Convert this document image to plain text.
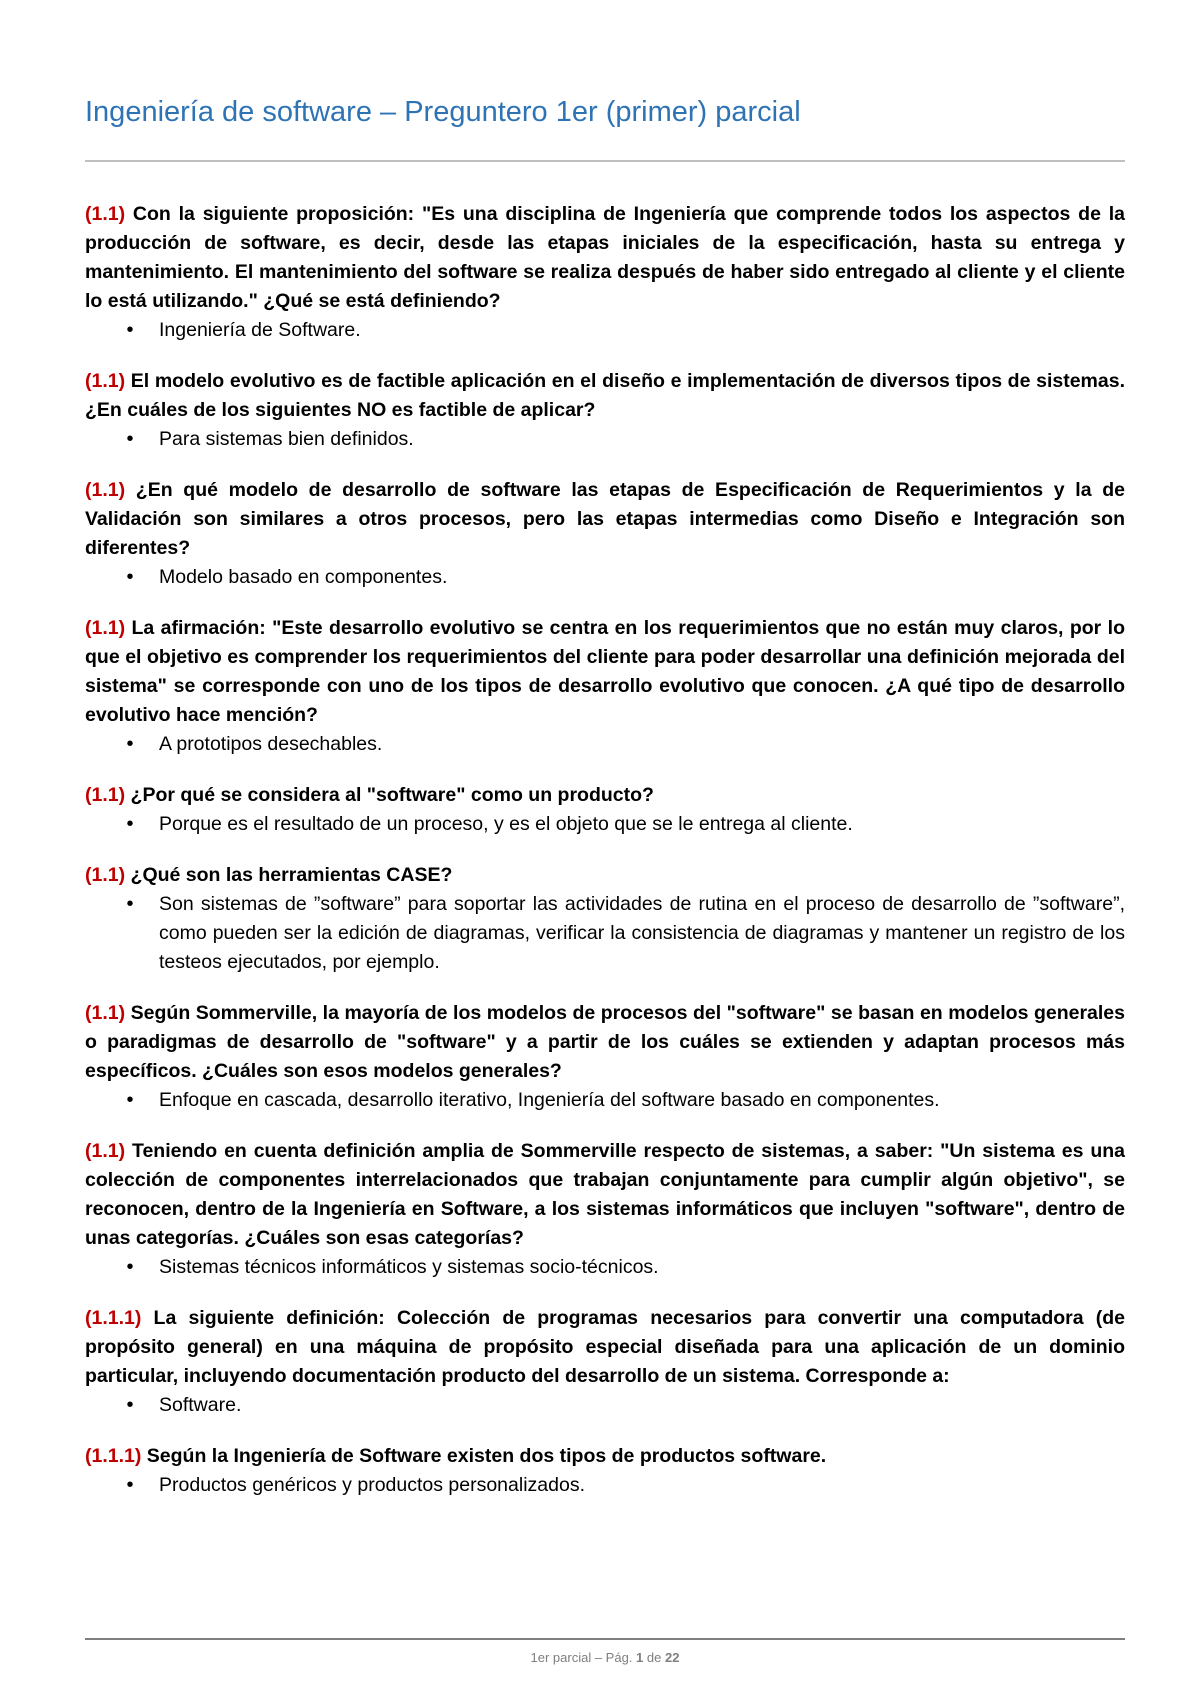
Ingeniería de software – Preguntero 1er (primer) parcial

(1.1) Con la siguiente proposición: "Es una disciplina de Ingeniería que comprende todos los aspectos de la producción de software, es decir, desde las etapas iniciales de la especificación, hasta su entrega y mantenimiento. El mantenimiento del software se realiza después de haber sido entregado al cliente y el cliente lo está utilizando." ¿Qué se está definiendo?

• Ingeniería de Software.

(1.1) El modelo evolutivo es de factible aplicación en el diseño e implementación de diversos tipos de sistemas. ¿En cuáles de los siguientes NO es factible de aplicar?

• Para sistemas bien definidos.

(1.1) ¿En qué modelo de desarrollo de software las etapas de Especificación de Requerimientos y la de Validación son similares a otros procesos, pero las etapas intermedias como Diseño e Integración son diferentes?

• Modelo basado en componentes.

(1.1) La afirmación: "Este desarrollo evolutivo se centra en los requerimientos que no están muy claros, por lo que el objetivo es comprender los requerimientos del cliente para poder desarrollar una definición mejorada del sistema" se corresponde con uno de los tipos de desarrollo evolutivo que conocen. ¿A qué tipo de desarrollo evolutivo hace mención?

• A prototipos desechables.

(1.1) ¿Por qué se considera al "software" como un producto?

• Porque es el resultado de un proceso, y es el objeto que se le entrega al cliente.

(1.1) ¿Qué son las herramientas CASE?

• Son sistemas de ”software” para soportar las actividades de rutina en el proceso de desarrollo de ”software”, como pueden ser la edición de diagramas, verificar la consistencia de diagramas y mantener un registro de los testeos ejecutados, por ejemplo.

(1.1) Según Sommerville, la mayoría de los modelos de procesos del "software" se basan en modelos generales o paradigmas de desarrollo de "software" y a partir de los cuáles se extienden y adaptan procesos más específicos. ¿Cuáles son esos modelos generales?

• Enfoque en cascada, desarrollo iterativo, Ingeniería del software basado en componentes.

(1.1) Teniendo en cuenta definición amplia de Sommerville respecto de sistemas, a saber: "Un sistema es una colección de componentes interrelacionados que trabajan conjuntamente para cumplir algún objetivo", se reconocen, dentro de la Ingeniería en Software, a los sistemas informáticos que incluyen "software", dentro de unas categorías. ¿Cuáles son esas categorías?

• Sistemas técnicos informáticos y sistemas socio-técnicos.

(1.1.1) La siguiente definición: Colección de programas necesarios para convertir una computadora (de propósito general) en una máquina de propósito especial diseñada para una aplicación de un dominio particular, incluyendo documentación producto del desarrollo de un sistema. Corresponde a:

• Software.

(1.1.1) Según la Ingeniería de Software existen dos tipos de productos software.

• Productos genéricos y productos personalizados.
1er parcial – Pág. 1 de 22
